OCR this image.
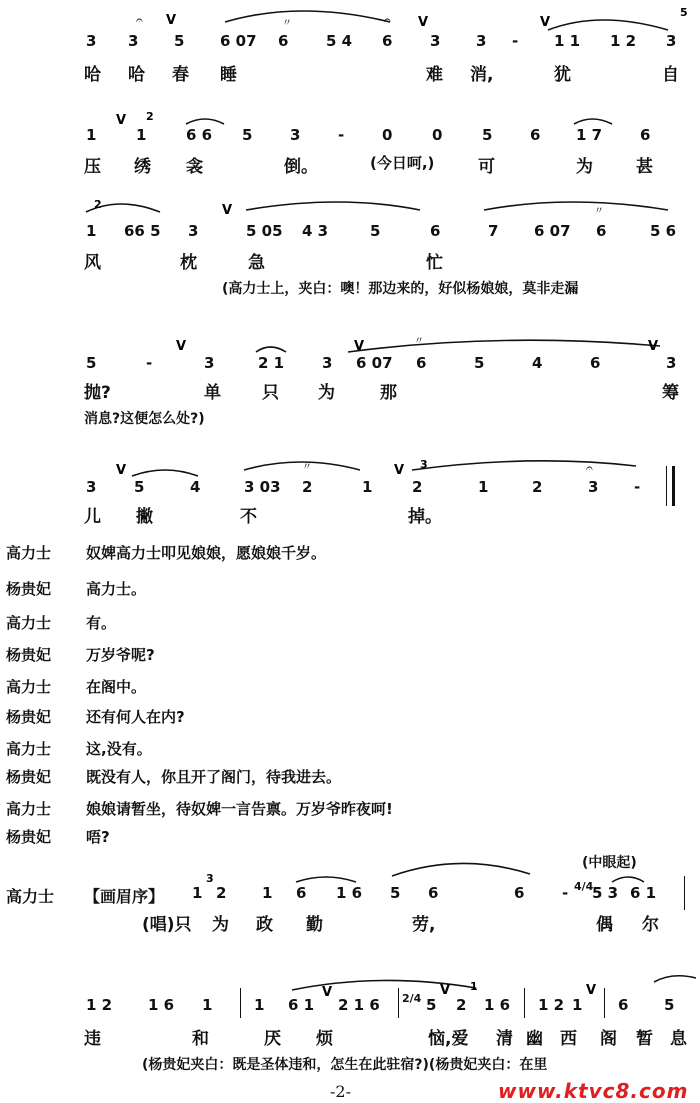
𝄐	𝄐
V	V	V
〃
5
3 3 5 6 07 6	5 4 6	3 3 - 1 1 1 2 3
哈 哈 春 睡	难 消,	犹	自
V 2
1	1	6 6 5	3	-	0	0	5	6 1 7	6
压 绣 衾	倒。	(今日呵,)	可	为	甚
V
2
〃
1 66 5 3	5 05 4 3	5	6	7 6 07 6	5 6
风	枕	急	忙
(高力士上，夹白：噢！那边来的，好似杨娘娘，莫非走漏
V	V	V
〃
5	-	3	2 1	3 6 07 6	5	4	6	3
抛?	单 只 为	那	筹
消息?这便怎么处?)
V	V
〃	3	𝄐
3	5	4	3 03 2	1	2	1	2	3 -
儿 撇	不	掉。
高力士 奴婢高力士叩见娘娘，愿娘娘千岁。
杨贵妃 高力士。
高力士 有。
杨贵妃 万岁爷呢?
高力士 在阁中。
杨贵妃 还有何人在内?
高力士 这,没有。
杨贵妃 既没有人，你且开了阁门，待我进去。
高力士 娘娘请暂坐，待奴婢一言告禀。万岁爷昨夜呵!
杨贵妃 唔?
3
(中眼起)
高力士 【画眉序】 1 2 1 6 1 6 5 6	6	- 4/4
5 3 6 1
(唱)只 为 政 勤	劳,	偶 尔
V	V	V
1
1 2 1 6 1	1 6 1 2 1 6 2/4 5 2 1 6 1 2 1 6 5
违	和	厌 烦	恼,爱 清 幽 西 阁 暂 息
(杨贵妃夹白：既是圣体违和，怎生在此驻宿?)(杨贵妃夹白：在里
-2-	www.ktvc8.com
